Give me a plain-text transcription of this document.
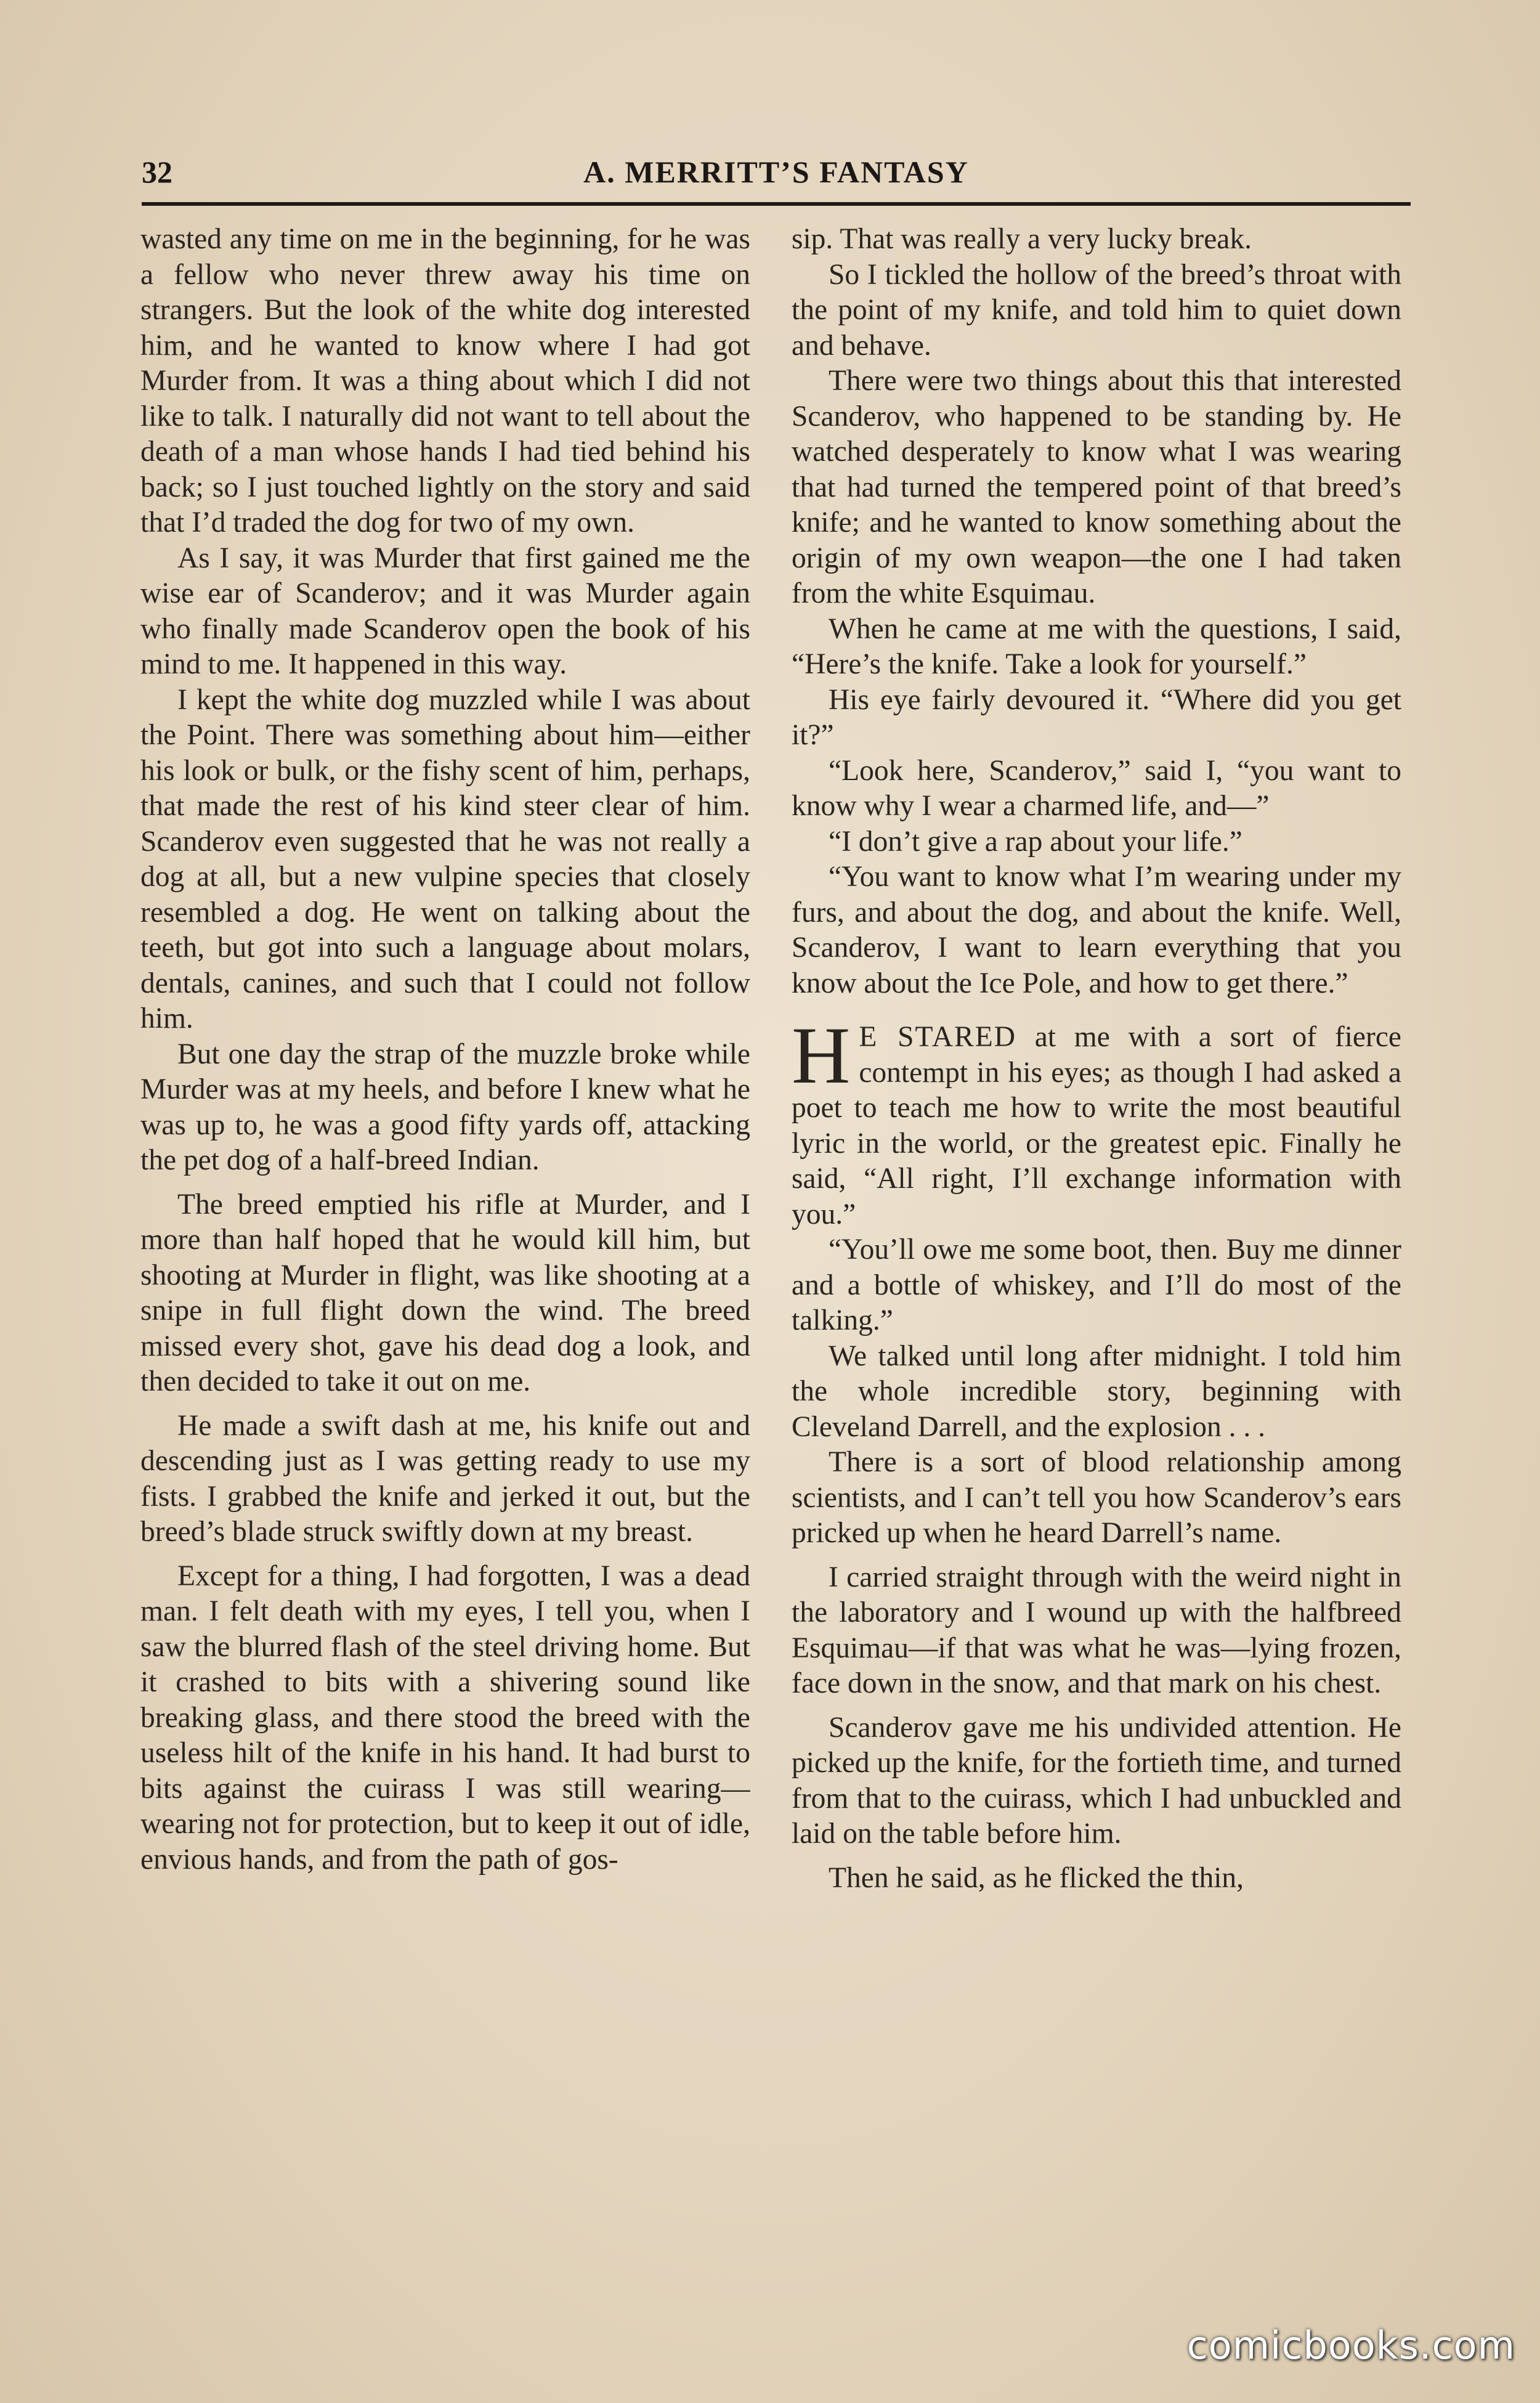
32	A. MERRITT’S FANTASY

wasted any time on me in the beginning, for he was a fellow who never threw away his time on strangers. But the look of the white dog interested him, and he wanted to know where I had got Murder from. It was a thing about which I did not like to talk. I naturally did not want to tell about the death of a man whose hands I had tied behind his back; so I just touched lightly on the story and said that I’d traded the dog for two of my own.

As I say, it was Murder that first gained me the wise ear of Scanderov; and it was Murder again who finally made Scanderov open the book of his mind to me. It happened in this way.

I kept the white dog muzzled while I was about the Point. There was something about him—either his look or bulk, or the fishy scent of him, perhaps, that made the rest of his kind steer clear of him. Scanderov even suggested that he was not really a dog at all, but a new vulpine species that closely resembled a dog. He went on talking about the teeth, but got into such a language about molars, dentals, canines, and such that I could not follow him.

But one day the strap of the muzzle broke while Murder was at my heels, and before I knew what he was up to, he was a good fifty yards off, attacking the pet dog of a half-breed Indian.

The breed emptied his rifle at Murder, and I more than half hoped that he would kill him, but shooting at Murder in flight, was like shooting at a snipe in full flight down the wind. The breed missed every shot, gave his dead dog a look, and then decided to take it out on me.

He made a swift dash at me, his knife out and descending just as I was getting ready to use my fists. I grabbed the knife and jerked it out, but the breed’s blade struck swiftly down at my breast.

Except for a thing, I had forgotten, I was a dead man. I felt death with my eyes, I tell you, when I saw the blurred flash of the steel driving home. But it crashed to bits with a shivering sound like breaking glass, and there stood the breed with the useless hilt of the knife in his hand. It had burst to bits against the cuirass I was still wearing—wearing not for protection, but to keep it out of idle, envious hands, and from the path of gos-

sip. That was really a very lucky break.

So I tickled the hollow of the breed’s throat with the point of my knife, and told him to quiet down and behave.

There were two things about this that interested Scanderov, who happened to be standing by. He watched desperately to know what I was wearing that had turned the tempered point of that breed’s knife; and he wanted to know something about the origin of my own weapon—the one I had taken from the white Esquimau.

When he came at me with the questions, I said, “Here’s the knife. Take a look for yourself.”

His eye fairly devoured it. “Where did you get it?”

“Look here, Scanderov,” said I, “you want to know why I wear a charmed life, and—”

“I don’t give a rap about your life.”

“You want to know what I’m wearing under my furs, and about the dog, and about the knife. Well, Scanderov, I want to learn everything that you know about the Ice Pole, and how to get there.”

H E STARED at me with a sort of fierce contempt in his eyes; as though I had asked a poet to teach me how to write the most beautiful lyric in the world, or the greatest epic. Finally he said, “All right, I’ll exchange information with you.”

“You’ll owe me some boot, then. Buy me dinner and a bottle of whiskey, and I’ll do most of the talking.”

We talked until long after midnight. I told him the whole incredible story, beginning with Cleveland Darrell, and the explosion . . .

There is a sort of blood relationship among scientists, and I can’t tell you how Scanderov’s ears pricked up when he heard Darrell’s name.

I carried straight through with the weird night in the laboratory and I wound up with the halfbreed Esquimau—if that was what he was—lying frozen, face down in the snow, and that mark on his chest.

Scanderov gave me his undivided attention. He picked up the knife, for the fortieth time, and turned from that to the cuirass, which I had unbuckled and laid on the table before him.

Then he said, as he flicked the thin,

comicbooks.com
